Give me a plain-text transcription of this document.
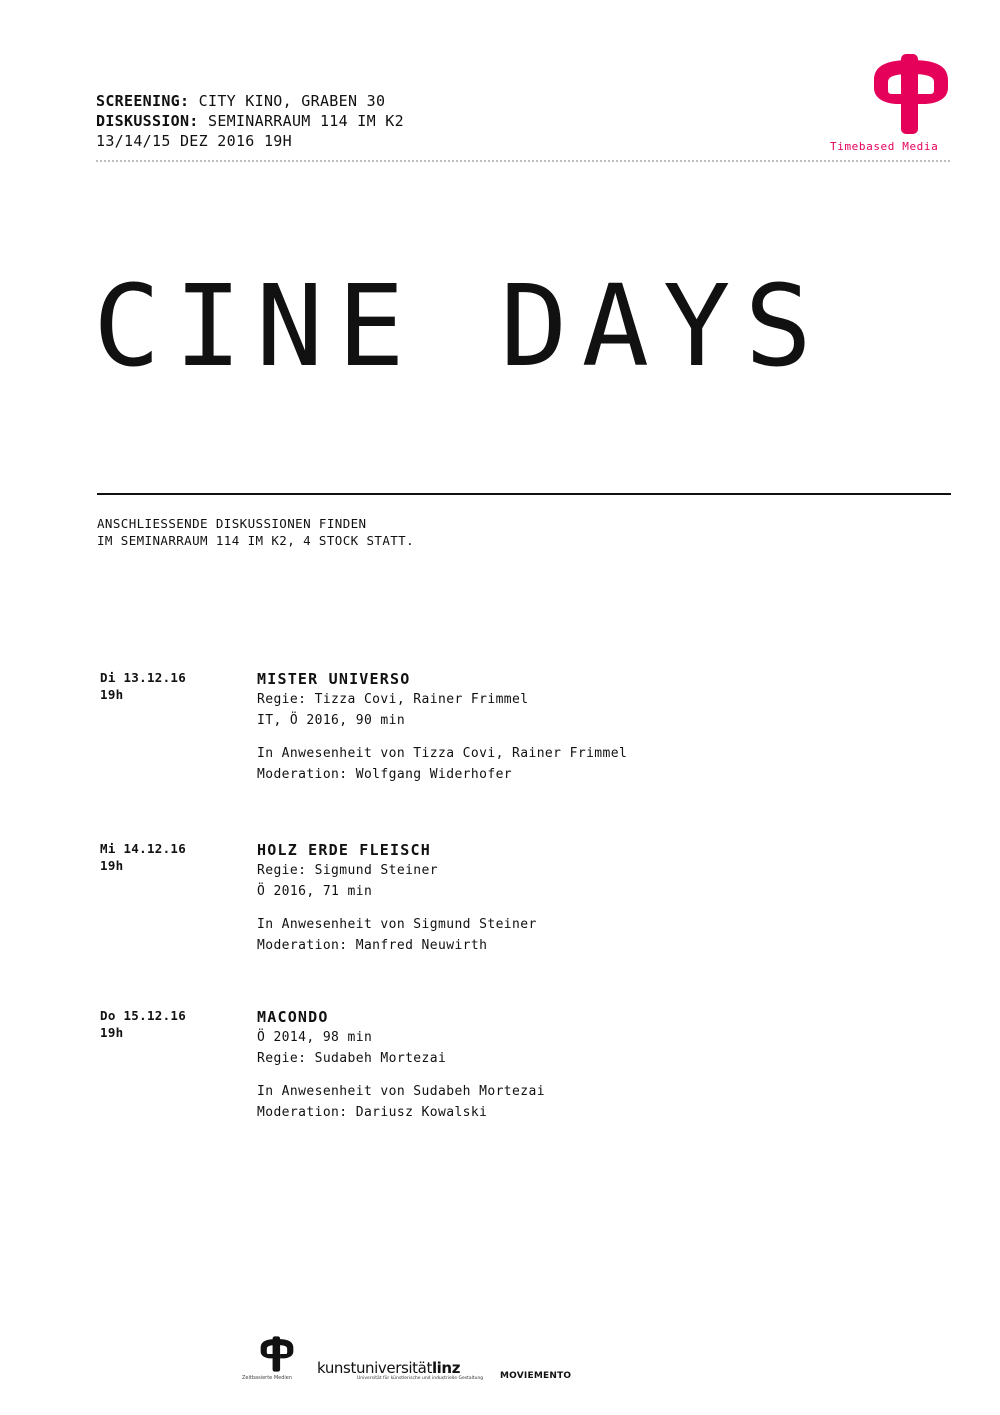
SCREENING: CITY KINO, GRABEN 30
DISKUSSION: SEMINARRAUM 114 IM K2
13/14/15 DEZ 2016 19H	Timebased Media
CINE DAYS
ANSCHLIESSENDE DISKUSSIONEN FINDEN
IM SEMINARRAUM 114 IM K2, 4 STOCK STATT.
Di 13.12.16
19h
MISTER UNIVERSO
Regie: Tizza Covi, Rainer Frimmel
IT, Ö 2016, 90 min
In Anwesenheit von Tizza Covi, Rainer Frimmel
Moderation: Wolfgang Widerhofer
Mi 14.12.16
19h
HOLZ ERDE FLEISCH
Regie: Sigmund Steiner
Ö 2016, 71 min
In Anwesenheit von Sigmund Steiner
Moderation: Manfred Neuwirth
Do 15.12.16
19h
MACONDO
Ö 2014, 98 min
Regie: Sudabeh Mortezai
In Anwesenheit von Sudabeh Mortezai
Moderation: Dariusz Kowalski
Zeitbasierte Medien
kunstuniversitätlinz
Universität für künstlerische und industrielle Gestaltung MOVIEMENTO
